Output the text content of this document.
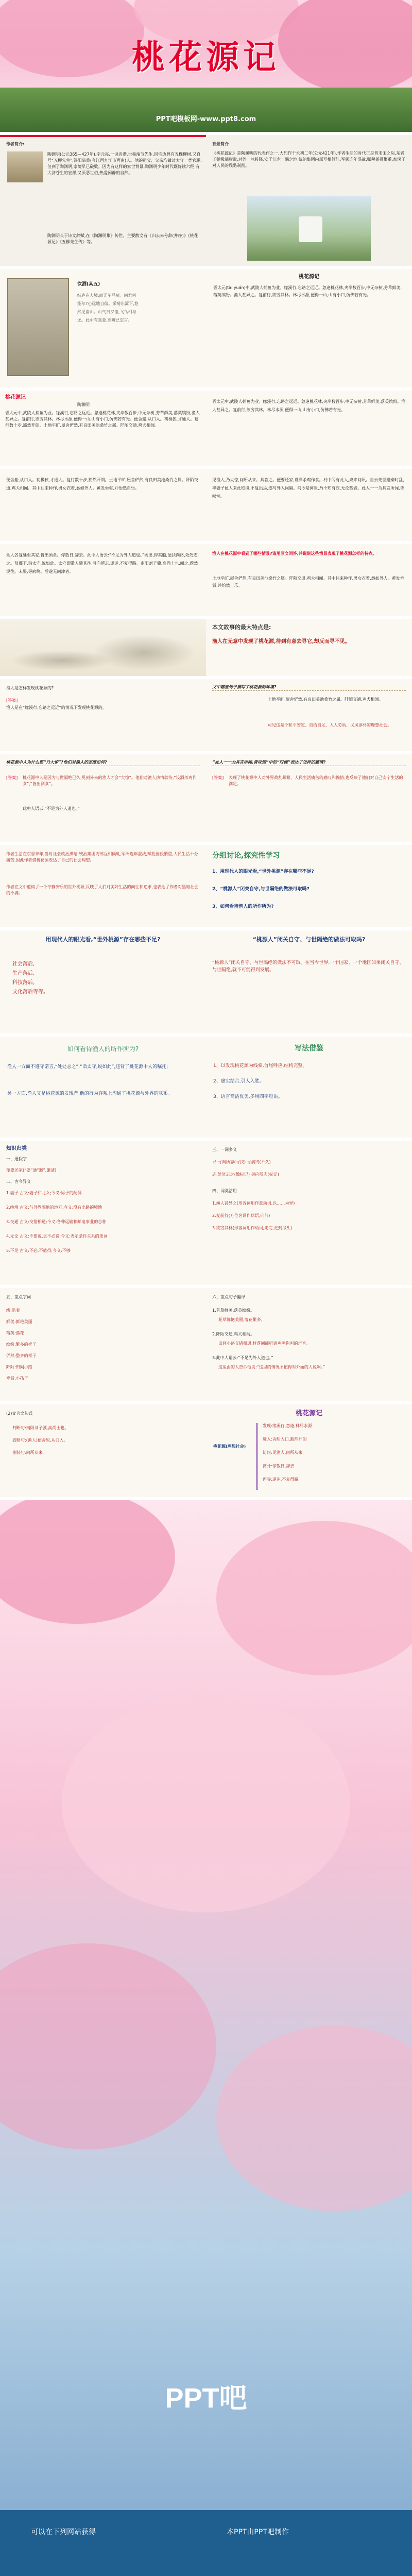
桃花源记
PPT吧模板网-www.ppt8.com
作者简介:
陶渊明(公元365—427年),字元亮,一说名潜,世称靖节先生,因宅边曾有五棵柳树,又自号“五柳先生”,浔阳柴桑(今江西九江市西南)人。他的祖父、父亲均做过太守一类官职,但到了陶渊明,家境早已破败。因为有这样的家世背景,陶渊明少年时代既好读六经,有大济苍生的宏愿,又厌恶世俗,热爱闲静的自然。
陶渊明长于诗文辞赋,在《陶渊明集》传世。主要散文有《归去来兮辞(并序)》《桃花源记》《五柳先生传》等。
背景简介
《桃花源记》是陶渊明的代表作之一,大约作于永初二年(公元421年),作者生活的时代正是晋末宋之际,东晋王朝极端腐败,对外一味投降,安于江左一隅之地,统治集团内部互相倾轧,军阀连年混战,赋税徭役繁重,加深了对人民的残酷剥削。
饮酒(其五)
结庐在人境,而无车马喧。问君何能尔?心远地自偏。采菊东篱下,悠然见南山。山气日夕佳,飞鸟相与还。此中有真意,欲辨已忘言。
桃花源记
晋太元(tài yuán)中,武陵人捕鱼为业。缘溪行,忘路之远近。忽逢桃花林,夹岸数百步,中无杂树,芳草鲜美,落英缤纷。渔人甚异之。复前行,欲穷其林。林尽水源,便得一山,山有小口,仿佛若有光。
桃花源记
陶渊明
晋太元中,武陵人捕鱼为业。缘溪行,忘路之远近。忽逢桃花林,夹岸数百步,中无杂树,芳草鲜美,落英缤纷,渔人甚异之。复前行,欲穷其林。林尽水源,便得一山,山有小口,仿佛若有光。便舍船,从口入。初极狭,才通人。复行数十步,豁然开朗。土地平旷,屋舍俨然,有良田美池桑竹之属。阡陌交通,鸡犬相闻。
晋太元中,武陵人捕鱼为业。缘溪行,忘路之远近。忽逢桃花林,夹岸数百步,中无杂树,芳草鲜美,落英缤纷。渔人甚异之。复前行,欲穷其林。林尽水源,便得一山,山有小口,仿佛若有光。
便舍船,从口入。初极狭,才通人。复行数十步,豁然开朗。土地平旷,屋舍俨然,有良田美池桑竹之属。阡陌交通,鸡犬相闻。其中往来种作,男女衣着,悉如外人。黄发垂髫,并怡然自乐。
见渔人,乃大惊,问所从来。具答之。便要还家,设酒杀鸡作食。村中闻有此人,咸来问讯。自云先世避秦时乱,率妻子邑人来此绝境,不复出焉,遂与外人间隔。问今是何世,乃不知有汉,无论魏晋。此人一一为具言所闻,皆叹惋。
余人各复延至其家,皆出酒食。停数日,辞去。此中人语云:“不足为外人道也。”既出,得其船,便扶向路,处处志之。及郡下,诣太守,说如此。太守即遣人随其往,寻向所志,遂迷,不复得路。南阳刘子骥,高尚士也,闻之,欣然规往。未果,寻病终。后遂无问津者。
渔人在桃花源中看到了哪些情景?请用原文回答,并说说这些情景表现了桃花源怎样的特点。
土地平旷,屋舍俨然,有良田美池桑竹之属。阡陌交通,鸡犬相闻。其中往来种作,男女衣着,悉如外人。黄发垂髫,并怡然自乐。
本文故事的最大特点是:
渔人在无意中发现了桃花源,待到有意去寻它,却反而寻不见。
渔人是怎样发现桃花源的?
[答案]
渔人是在“缘溪行,忘路之远近”的情况下发现桃花源的。
文中哪些句子描写了桃花源的环境?
土地平旷,屋舍俨然,有良田美池桑竹之属。阡陌交通,鸡犬相闻。
可见这是个和平安定、自给自足、人人劳动、民风淳朴的理想社会。
桃花源中人为什么要“乃大惊”?他们对渔人的态度如何?
[答案] 桃花源中人是因为与世隔绝已久,见到外来的渔人才会“大惊”。他们对渔人热情款待,“设酒杀鸡作食”,“皆出酒食”。
此中人语云:“不足为外人道也。”
“此人一一为具言所闻,皆叹惋”中的“叹惋”表达了怎样的感情?
[答案] 表现了桃花源中人对外界战乱频繁、人民生活痛苦的感叹和惋惜,也反映了他们对自己安宁生活的满足。
作者生活在东晋末年,当时社会政治黑暗,统治集团内部互相倾轧,军阀连年混战,赋税徭役繁重,人民生活十分痛苦,因此作者借桃花源表达了自己的社会理想。
作者在文中虚构了一个宁静安乐的世外桃源,反映了人们对美好生活的向往和追求,也表达了作者对黑暗社会的不满。
分组讨论,探究性学习
1、用现代人的眼光看,“世外桃源”存在哪些不足?
2、“桃源人”闭关自守,与世隔绝的做法可取吗?
3、如何看待渔人的所作所为?
用现代人的眼光看,“世外桃源”存在哪些不足?
社会落后,
生产落后,
科技落后,
文化落后等等。
“桃源人”闭关自守、与世隔绝的做法可取吗?
“桃源人”闭关自守、与世隔绝的做法不可取。在当今世界,一个国家、一个地区如果闭关自守、与世隔绝,就不可能得到发展。
如何看待渔人的所作所为?
渔人一方面不遵守诺言,“处处志之”,“诣太守,说如此”,违背了桃花源中人的嘱托;
另一方面,渔人又是桃花源的发现者,他的行为客观上沟通了桃花源与外界的联系。
写法借鉴
1、以发现桃花源为线索,首尾呼应,结构完整。
2、虚实结合,引人入胜。
3、语言简洁优美,多用四字短语。
知识归类
一、通假字
便要还家(“要”通“邀”,邀请)
二、古今异义
1.妻子 古义:妻子和儿女;今义:男子的配偶
2.绝境 古义:与外界隔绝的地方;今义:没有出路的境地
3.交通 古义:交错相通;今义:各种运输和邮电事业的总称
4.无论 古义:不要说,更不必说;今义:表示条件关系的连词
5.不足 古义:不必,不值得;今义:不够
三、一词多义
寻:寻向所志(寻找) 寻病终(不久)
志:处处志之(做标记) 寻向所志(标记)
四、词类活用
1.渔人甚异之(形容词用作意动词,以……为异)
2.复前行(方位名词作状语,向前)
3.欲穷其林(形容词用作动词,走完,走到尽头)
五、重点字词
缘:沿着
鲜美:鲜艳美丽
落英:落花
缤纷:繁多的样子
俨然:整齐的样子
阡陌:田间小路
垂髫:小孩子
六、重点句子翻译
1.芳草鲜美,落英缤纷。
花草鲜艳美丽,落花繁多。
2.阡陌交通,鸡犬相闻。
田间小路交错相通,村落间能听到鸡鸣狗叫的声音。
3.此中人语云:“不足为外人道也。”
这里面的人告诉他说:“这里的情况不值得对外面的人说啊。”
(2)文言文句式
判断句:南阳刘子骥,高尚士也。
省略句:(渔人)便舍船,从口入。
倒装句:问所从来。
桃花源记
桃花源(理想社会)
发现:缘溪行,忽逢,林尽水源
进入:舍船入口,豁然开朗
访问:见渔人,问所从来
离开:停数日,辞去
再寻:遂迷,不复得路
PPT吧
可以在下列网站获得	本PPT由PPT吧制作
